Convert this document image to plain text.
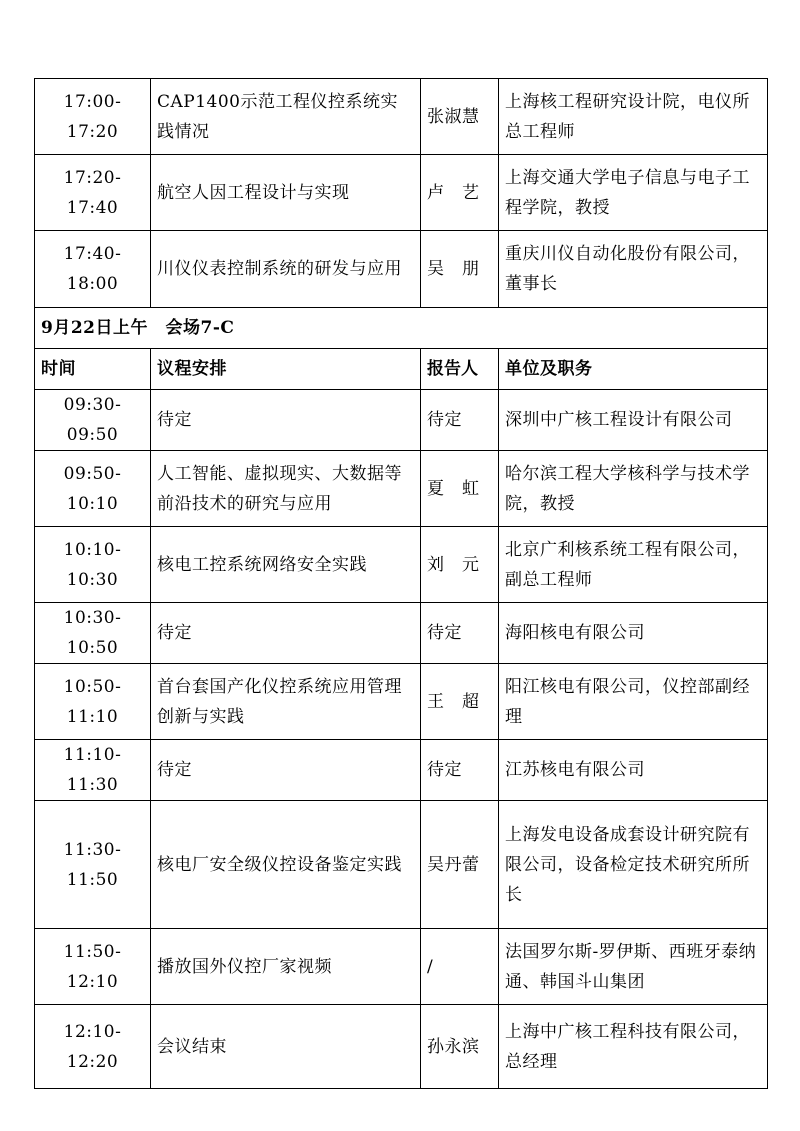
17:00-17:20	CAP1400示范工程仪控系统实践情况	张淑慧	上海核工程研究设计院，电仪所总工程师
17:20-17:40	航空人因工程设计与实现	卢　艺	上海交通大学电子信息与电子工程学院，教授
17:40-18:00	川仪仪表控制系统的研发与应用	吴　朋	重庆川仪自动化股份有限公司，董事长
9月22日上午　会场7-C			
时间	议程安排	报告人	单位及职务
09:30-09:50	待定	待定	深圳中广核工程设计有限公司
09:50-10:10	人工智能、虚拟现实、大数据等前沿技术的研究与应用	夏　虹	哈尔滨工程大学核科学与技术学院，教授
10:10-10:30	核电工控系统网络安全实践	刘　元	北京广利核系统工程有限公司，副总工程师
10:30-10:50	待定	待定	海阳核电有限公司
10:50-11:10	首台套国产化仪控系统应用管理创新与实践	王　超	阳江核电有限公司，仪控部副经理
11:10-11:30	待定	待定	江苏核电有限公司
11:30-11:50	核电厂安全级仪控设备鉴定实践	吴丹蕾	上海发电设备成套设计研究院有限公司，设备检定技术研究所所长
11:50-12:10	播放国外仪控厂家视频	/	法国罗尔斯-罗伊斯、西班牙泰纳通、韩国斗山集团
12:10-12:20	会议结束	孙永滨	上海中广核工程科技有限公司，总经理
